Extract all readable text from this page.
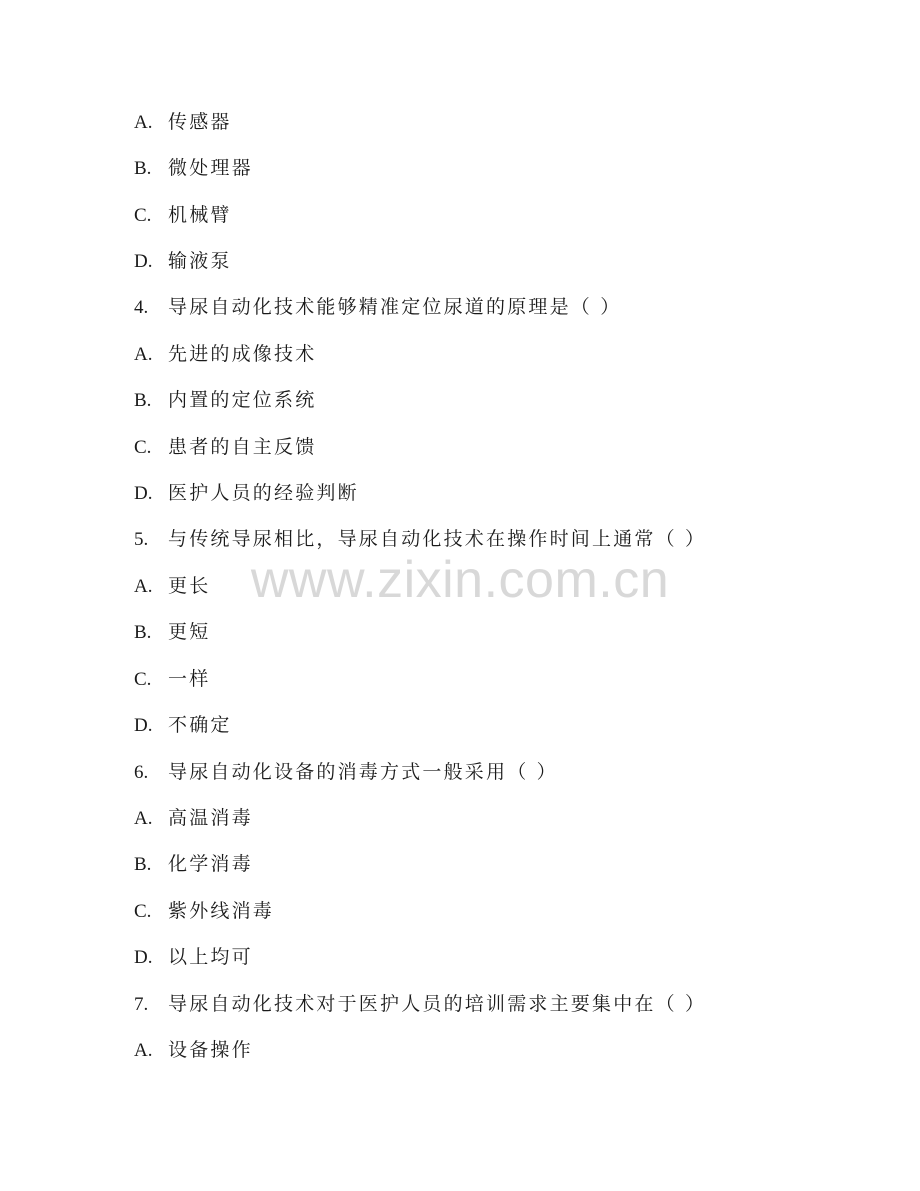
A. 传感器
B. 微处理器
C. 机械臂
D. 输液泵
4. 导尿自动化技术能够精准定位尿道的原理是（ ）
A. 先进的成像技术
B. 内置的定位系统
C. 患者的自主反馈
D. 医护人员的经验判断
5. 与传统导尿相比，导尿自动化技术在操作时间上通常（ ）
A. 更长
B. 更短
C. 一样
D. 不确定
6. 导尿自动化设备的消毒方式一般采用（ ）
A. 高温消毒
B. 化学消毒
C. 紫外线消毒
D. 以上均可
7. 导尿自动化技术对于医护人员的培训需求主要集中在（ ）
A. 设备操作
www.zixin.com.cn
